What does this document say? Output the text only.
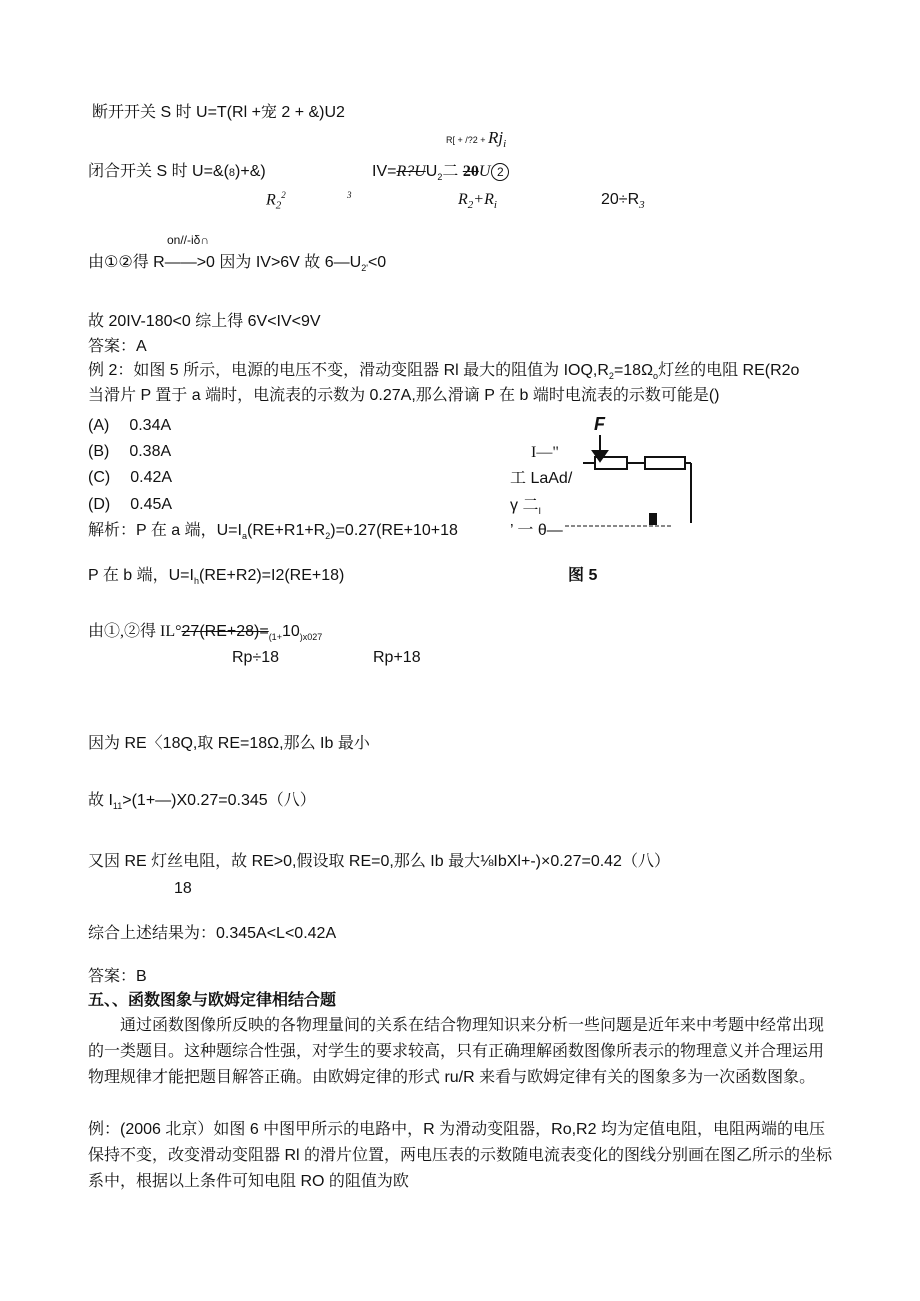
断开开关 S 时 U=T(Rl +宠 2 + &)U2
R[ + /?2 + $Rj_i$
闭合开关 S 时 U=&(8)+&)	$IV=R?UU_2$二 20U 2
$R_2^2$	3	$R_2+R_i$	$20\div R_3$
on//-iδ∩
由①②得 R——>0 因为 IV>6V 故 $6—U_{2'}<0$
故 20IV-180<0 综上得 6V<IV<9V
答案：A
例 2：如图 5 所示，电源的电压不变，滑动变阻器 Rl 最大的阻值为 $IOQ,R_2=18\Omega_o$灯丝的电阻 RE(R2o
当滑片 P 置于 a 端时，电流表的示数为 0.27A,那么滑谪 P 在 b 端时电流表的示数可能是()
(A) 0.34A
(B) 0.38A
(C) 0.42A
(D) 0.45A
F
I—"
工 LaAd/
γ 二$_I$
’ 一 θ—
解析：P 在 a 端，$U=I_a(RE+R1+R_2)=0.27(RE+10+18$
P 在 b 端，$U=I_h(RE+R2)=I2(RE+18)$	图 5
由①,②得 $IL^\circ 27(RE+28)=_{(1+}10_{)x027}$
Rp÷18	Rp+18
因为 RE〈18Q,取 RE=18Ω,那么 Ib 最小
故 $I_{11}>(1+—)X0.27=0.345$（八）
又因 RE 灯丝电阻，故 RE>0,假设取 RE=0,那么 Ib 最大⅛IbXl+-)×0.27=0.42（八）
18
综合上述结果为：0.345A<L<0.42A
答案：B
五、、函数图象与欧姆定律相结合题
通过函数图像所反映的各物理量间的关系在结合物理知识来分析一些问题是近年来中考题中经常出现的一类题目。这种题综合性强，对学生的要求较高，只有正确理解函数图像所表示的物理意义并合理运用物理规律才能把题目解答正确。由欧姆定律的形式 ru/R 来看与欧姆定律有关的图象多为一次函数图象。
例：(2006 北京）如图 6 中图甲所示的电路中，R 为滑动变阻器，Ro,R2 均为定值电阻，电阻两端的电压保持不变，改变滑动变阻器 Rl 的滑片位置，两电压表的示数随电流表变化的图线分别画在图乙所示的坐标系中，根据以上条件可知电阻 RO 的阻值为欧
